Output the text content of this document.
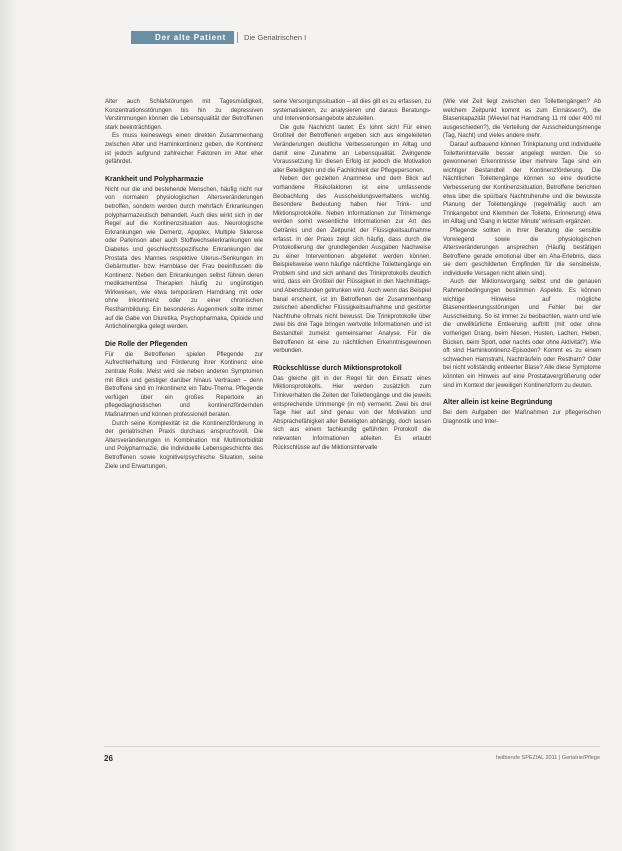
Der alte Patient	Die Geriatrischen I

Alter auch Schlafstörungen mit Tagesmüdigkeit, Konzentrationsstörungen bis hin zu depressiven Verstimmungen können die Lebensqualität der Betroffenen stark beeinträchtigen.

Es muss keineswegs einen direkten Zusammenhang zwischen Alter und Harninkontinenz geben, die Kontinenz ist jedoch aufgrund zahlreicher Faktoren im Alter eher gefährdet.

Krankheit und Polypharmazie

Nicht nur die und bestehende Menschen, häufig nicht nur von normalen physiologischen Altersveränderungen betroffen, sondern werden durch mehrfach Erkrankungen polypharmazeutisch behandelt. Auch dies wirkt sich in der Regel auf die Kontinenzsituation aus. Neurologische Erkrankungen wie Demenz, Apoplex, Multiple Sklerose oder Parkinson aber auch Stoffwechselerkrankungen wie Diabetes und geschlechtsspezifische Erkrankungen der Prostata des Mannes respektive Uterus-/Senkungen im Gebärmutter- bzw. Harnblase der Frau beeinflussen die Kontinenz. Neben den Erkrankungen selbst führen deren medikamentöse Therapien häufig zu ungünstigen Wirkweisen, wie etwa temporärem Harndrang mit oder ohne Inkontinenz oder zu einer chronischen Restharnbildung. Ein besonderes Augenmerk sollte immer auf die Gabe von Diuretika, Psychopharmaka, Opioide und Anticholinergika gelegt werden.

Die Rolle der Pflegenden

Für die Betroffenen spielen Pflegende zur Aufrechterhaltung und Förderung ihrer Kontinenz eine zentrale Rolle. Meist wird sie neben anderen Symptomen mit Blick und geistiger darüber hinaus Vertrauen – denn Betroffene sind im Inkontinenz ein Tabu-Thema. Pflegende verfügen über ein großes Repertoire an pflegediagnostischen und kontinenzfördernden Maßnahmen und können professionell beraten.

Durch seine Komplexität ist die Kontinenzförderung in der geriatrischen Praxis durchaus anspruchsvoll. Die Altersveränderungen in Kombination mit Multimorbidität und Polypharmazie, die individuelle Lebensgeschichte des Betroffenen sowie kognitive/psychische Situation, seine Ziele und Erwartungen,

seine Versorgungssituation – all dies gilt es zu erfassen, zu systematisieren, zu analysieren und daraus Beratungs- und Interventionsangebote abzuleiten.

Die gute Nachricht lautet: Es lohnt sich! Für einen Großteil der Betroffenen ergeben sich aus eingeleiteten Veränderungen deutliche Verbesserungen im Alltag und damit eine Zunahme an Lebensqualität. Zwingende Voraussetzung für diesen Erfolg ist jedoch die Motivation aller Beteiligten und die Fachlichkeit der Pflegepersonen.

Neben der gezielten Anamnese und dem Blick auf vorhandene Risikofaktoren ist eine umfassende Beobachtung des Ausscheidungsverhaltens wichtig. Besondere Bedeutung haben hier Trink- und Miktionsprotokolle. Neben Informationen zur Trinkmenge werden somit wesentliche Informationen zur Art des Getränks und den Zeitpunkt der Flüssigkeitsaufnahme erfasst. In der Praxis zeigt sich häufig, dass durch die Protokollierung der grundlegenden Ausgaben Nachweise zu einer Interventionen abgeleitet werden können. Beispielsweise wenn häufige nächtliche Toilettengänge ein Problem sind und sich anhand des Trinkprotokolls deutlich wird, dass ein Großteil der Flüssigkeit in den Nachmittags- und Abendstunden getrunken wird. Auch wenn das Beispiel banal erscheint, ist im Betroffenen der Zusammenhang zwischen abendlicher Flüssigkeitsaufnahme und gestörter Nachtruhe oftmals nicht bewusst. Die Trinkprotokolle über zwei bis drei Tage bringen wertvolle Informationen und ist Bestandteil zumeist gemeinsamer Analyse. Für die Betroffenen ist eine zu nächtlichen Erkenntnisgewinnen verbunden.

Rückschlüsse durch Miktionsprotokoll

Das gleiche gilt in der Regel für den Einsatz eines Miktionsprotokolls. Hier werden zusätzlich zum Trinkverhalten die Zeiten der Toilettengänge und die jeweils entsprechende Urinmenge (in ml) vermerkt. Zwei bis drei Tage hier auf sind genau von der Motivation und Absprachefähigkeit aller Beteiligten abhängig, doch lassen sich aus einem fachkundig geführten Protokoll die relevanten Informationen ableiten. Es erlaubt Rückschlüsse auf die Miktionsintervalle

(Wie viel Zeit liegt zwischen den Toilettengängen? Ab welchem Zeitpunkt kommt es zum Einnässen?), die Blasenkapazität (Wieviel hat Harndrang 11 ml oder 400 ml ausgeschieden?), die Verteilung der Ausscheidungsmenge (Tag, Nacht) und vieles andere mehr.

Darauf aufbauend können Trinkplanung und individuelle Toilettenintervalle besser angelegt werden. Die so gewonnenen Erkenntnisse über mehrere Tage sind ein wichtiger Bestandteil der Kontinenzförderung. Die Nächtlichen Toilettengänge können so eine deutliche Verbesserung der Kontinenzsituation, Betroffene berichten etwa über die spürbare Nachtruheruhe und die bewusste Planung der Toilettengänge (regelmäßig auch am Trinkangebot und Klemmen der Toilette, Erinnerung) etwa im Alltag und 'Gang in letzter Minute' wirksam ergänzen.

Pflegende sollten in ihrer Beratung die sensible Vorwiegend sowie die physiologischen Altersveränderungen ansprechen (Häufig bestätigen Betroffene gerade emotional über ein Aha-Erlebnis, dass sie dem geschilderten Empfinden für die sensibelste, individuelle Versagen nicht allein sind).

Auch der Miktionsvorgang selbst und die genauen Rahmenbedingungen bestimmen Aspekte. Es können wichtige Hinweise auf mögliche Blasenentleerungsstörungen und Fehler bei der Ausscheidung. So ist immer zu beobachten, wann und wie die unwillkürliche Entleerung auftritt (mit oder ohne vorherigen Drang, beim Niesen, Husten, Lachen, Heben, Bücken, beim Sport, oder nachts oder ohne Aktivität?). Wie oft sind Harninkontinenz-Episoden? Kommt es zu einem schwachen Harnstrahl, Nachträufeln oder Restharn? Oder bei nicht vollständig entleerter Blase? Alle diese Symptome könnten ein Hinweis auf eine Prostatavergrößerung oder sind im Kontext der jeweiligen Kontinenzform zu deuten.

Alter allein ist keine Begründung

Bei dem Aufgaben der Maßnahmen zur pflegerischen Diagnostik und Inter-

26	heilberufe SPEZIAL 2011 | Geriatrie/Pflege
